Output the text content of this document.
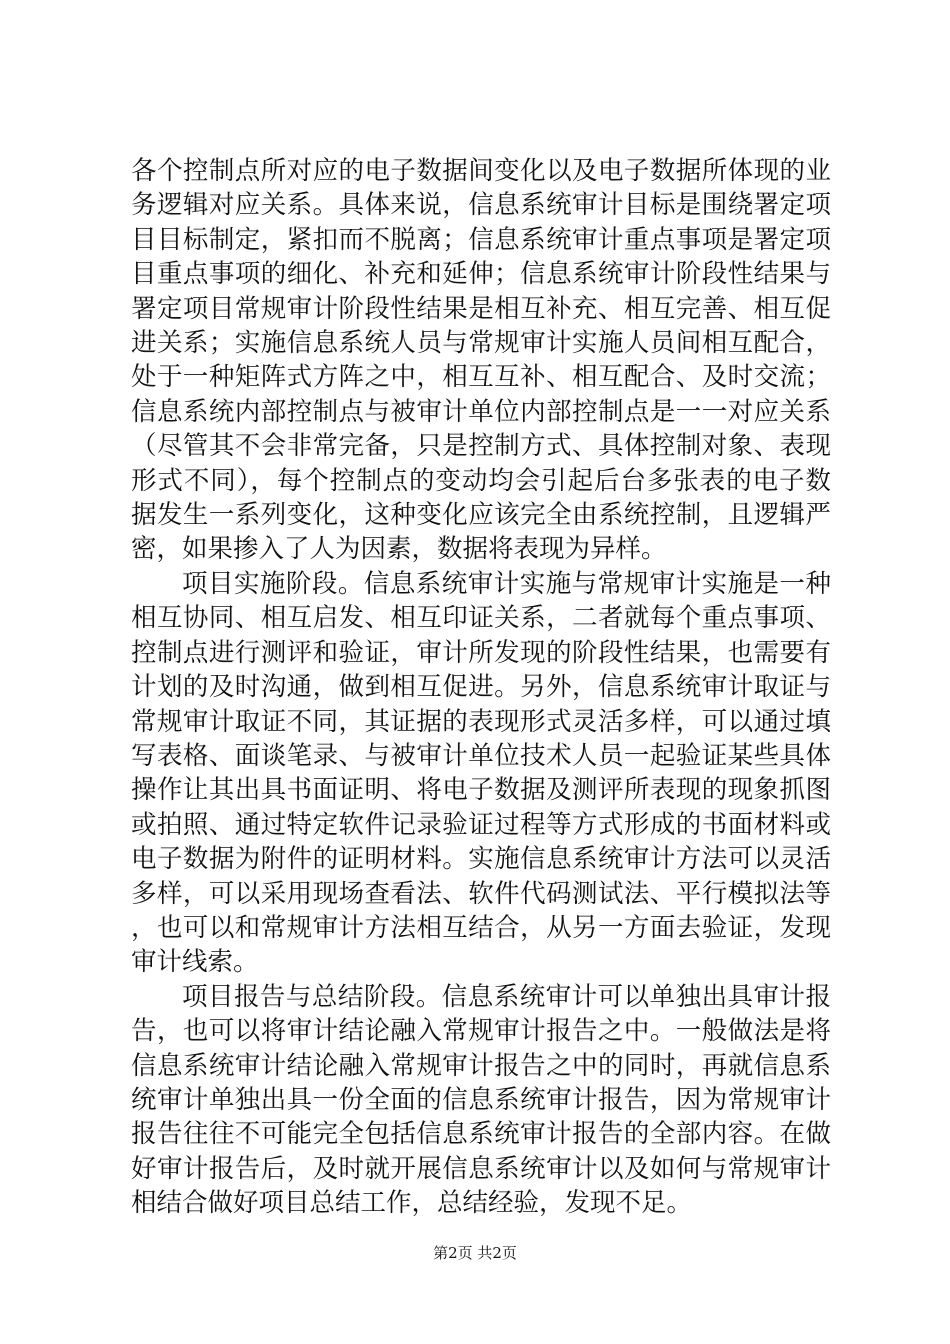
各个控制点所对应的电子数据间变化以及电子数据所体现的业务逻辑对应关系。具体来说，信息系统审计目标是围绕署定项目目标制定，紧扣而不脱离；信息系统审计重点事项是署定项目重点事项的细化、补充和延伸；信息系统审计阶段性结果与署定项目常规审计阶段性结果是相互补充、相互完善、相互促进关系；实施信息系统人员与常规审计实施人员间相互配合，处于一种矩阵式方阵之中，相互互补、相互配合、及时交流；信息系统内部控制点与被审计单位内部控制点是一一对应关系（尽管其不会非常完备，只是控制方式、具体控制对象、表现形式不同），每个控制点的变动均会引起后台多张表的电子数据发生一系列变化，这种变化应该完全由系统控制，且逻辑严密，如果掺入了人为因素，数据将表现为异样。

项目实施阶段。信息系统审计实施与常规审计实施是一种相互协同、相互启发、相互印证关系，二者就每个重点事项、控制点进行测评和验证，审计所发现的阶段性结果，也需要有计划的及时沟通，做到相互促进。另外，信息系统审计取证与常规审计取证不同，其证据的表现形式灵活多样，可以通过填写表格、面谈笔录、与被审计单位技术人员一起验证某些具体操作让其出具书面证明、将电子数据及测评所表现的现象抓图或拍照、通过特定软件记录验证过程等方式形成的书面材料或电子数据为附件的证明材料。实施信息系统审计方法可以灵活多样，可以采用现场查看法、软件代码测试法、平行模拟法等，也可以和常规审计方法相互结合，从另一方面去验证，发现审计线索。

项目报告与总结阶段。信息系统审计可以单独出具审计报告，也可以将审计结论融入常规审计报告之中。一般做法是将信息系统审计结论融入常规审计报告之中的同时，再就信息系统审计单独出具一份全面的信息系统审计报告，因为常规审计报告往往不可能完全包括信息系统审计报告的全部内容。在做好审计报告后，及时就开展信息系统审计以及如何与常规审计相结合做好项目总结工作，总结经验，发现不足。

第2页 共2页
